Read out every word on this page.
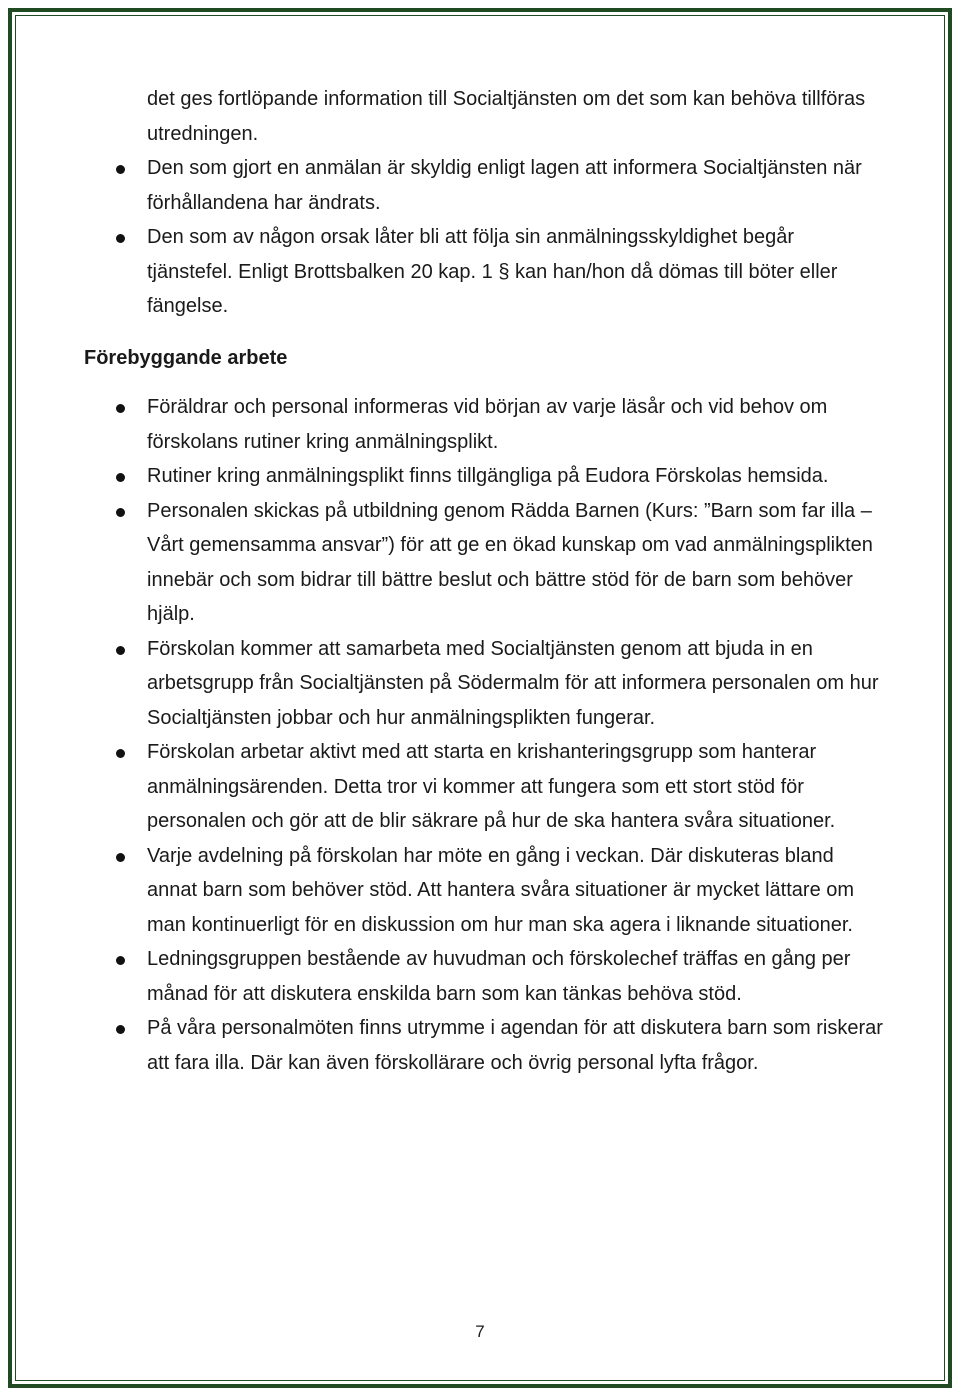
det ges fortlöpande information till Socialtjänsten om det som kan behöva tillföras utredningen.

Den som gjort en anmälan är skyldig enligt lagen att informera Socialtjänsten när förhållandena har ändrats.
Den som av någon orsak låter bli att följa sin anmälningsskyldighet begår tjänstefel. Enligt Brottsbalken 20 kap. 1 § kan han/hon då dömas till böter eller fängelse.
Förebyggande arbete
Föräldrar och personal informeras vid början av varje läsår och vid behov om förskolans rutiner kring anmälningsplikt.
Rutiner kring anmälningsplikt finns tillgängliga på Eudora Förskolas hemsida.
Personalen skickas på utbildning genom Rädda Barnen (Kurs: ”Barn som far illa – Vårt gemensamma ansvar”) för att ge en ökad kunskap om vad anmälningsplikten innebär och som bidrar till bättre beslut och bättre stöd för de barn som behöver hjälp.
Förskolan kommer att samarbeta med Socialtjänsten genom att bjuda in en arbetsgrupp från Socialtjänsten på Södermalm för att informera personalen om hur Socialtjänsten jobbar och hur anmälningsplikten fungerar.
Förskolan arbetar aktivt med att starta en krishanteringsgrupp som hanterar anmälningsärenden. Detta tror vi kommer att fungera som ett stort stöd för personalen och gör att de blir säkrare på hur de ska hantera svåra situationer.
Varje avdelning på förskolan har möte en gång i veckan. Där diskuteras bland annat barn som behöver stöd. Att hantera svåra situationer är mycket lättare om man kontinuerligt för en diskussion om hur man ska agera i liknande situationer.
Ledningsgruppen bestående av huvudman och förskolechef träffas en gång per månad för att diskutera enskilda barn som kan tänkas behöva stöd.
På våra personalmöten finns utrymme i agendan för att diskutera barn som riskerar att fara illa. Där kan även förskollärare och övrig personal lyfta frågor.
7
